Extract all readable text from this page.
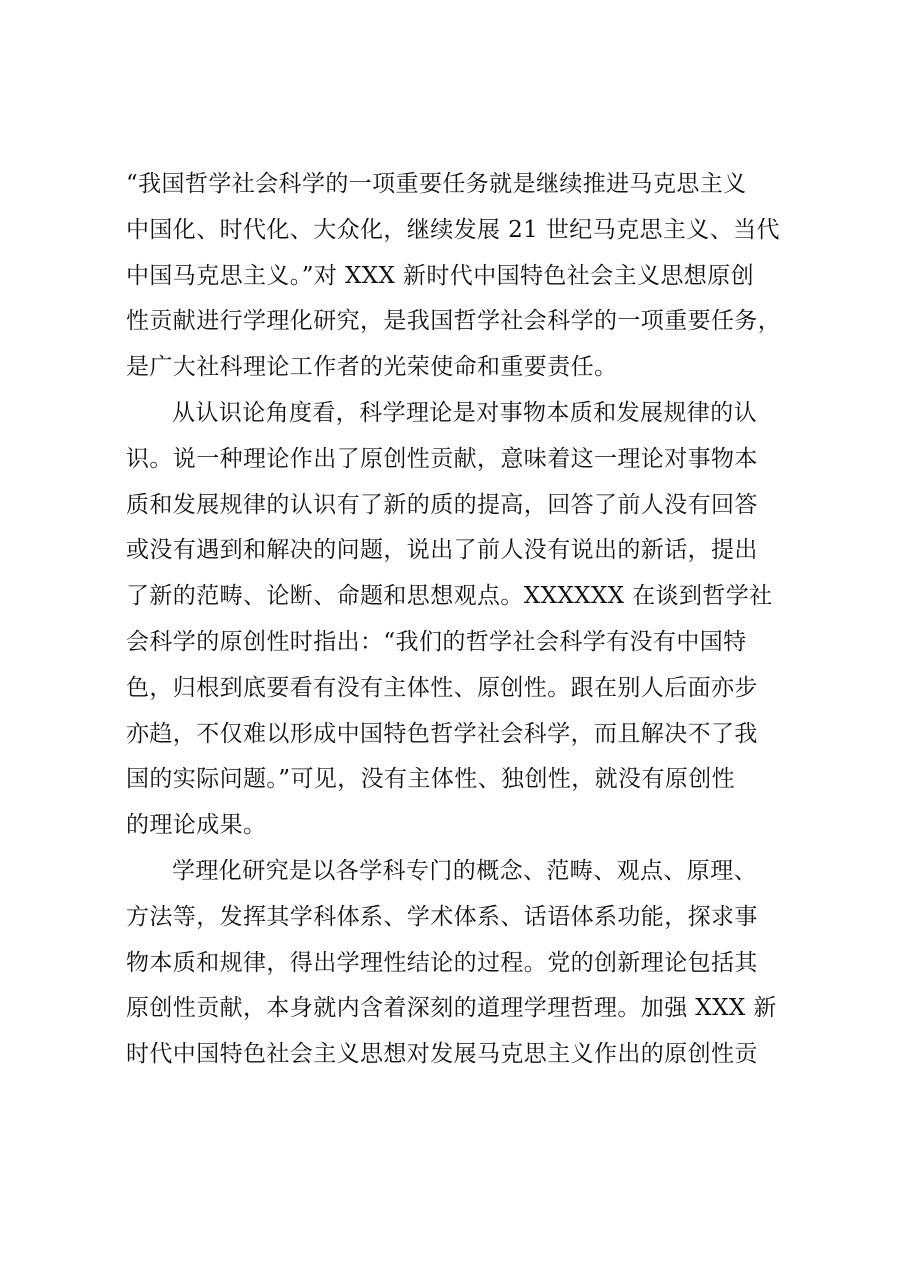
“我国哲学社会科学的一项重要任务就是继续推进马克思主义
中国化、时代化、大众化，继续发展 21 世纪马克思主义、当代
中国马克思主义。”对 XXX 新时代中国特色社会主义思想原创
性贡献进行学理化研究，是我国哲学社会科学的一项重要任务，
是广大社科理论工作者的光荣使命和重要责任。
从认识论角度看，科学理论是对事物本质和发展规律的认
识。说一种理论作出了原创性贡献，意味着这一理论对事物本
质和发展规律的认识有了新的质的提高，回答了前人没有回答
或没有遇到和解决的问题，说出了前人没有说出的新话，提出
了新的范畴、论断、命题和思想观点。XXXXXX 在谈到哲学社
会科学的原创性时指出：“我们的哲学社会科学有没有中国特
色，归根到底要看有没有主体性、原创性。跟在别人后面亦步
亦趋，不仅难以形成中国特色哲学社会科学，而且解决不了我
国的实际问题。”可见，没有主体性、独创性，就没有原创性
的理论成果。
学理化研究是以各学科专门的概念、范畴、观点、原理、
方法等，发挥其学科体系、学术体系、话语体系功能，探求事
物本质和规律，得出学理性结论的过程。党的创新理论包括其
原创性贡献，本身就内含着深刻的道理学理哲理。加强 XXX 新
时代中国特色社会主义思想对发展马克思主义作出的原创性贡
